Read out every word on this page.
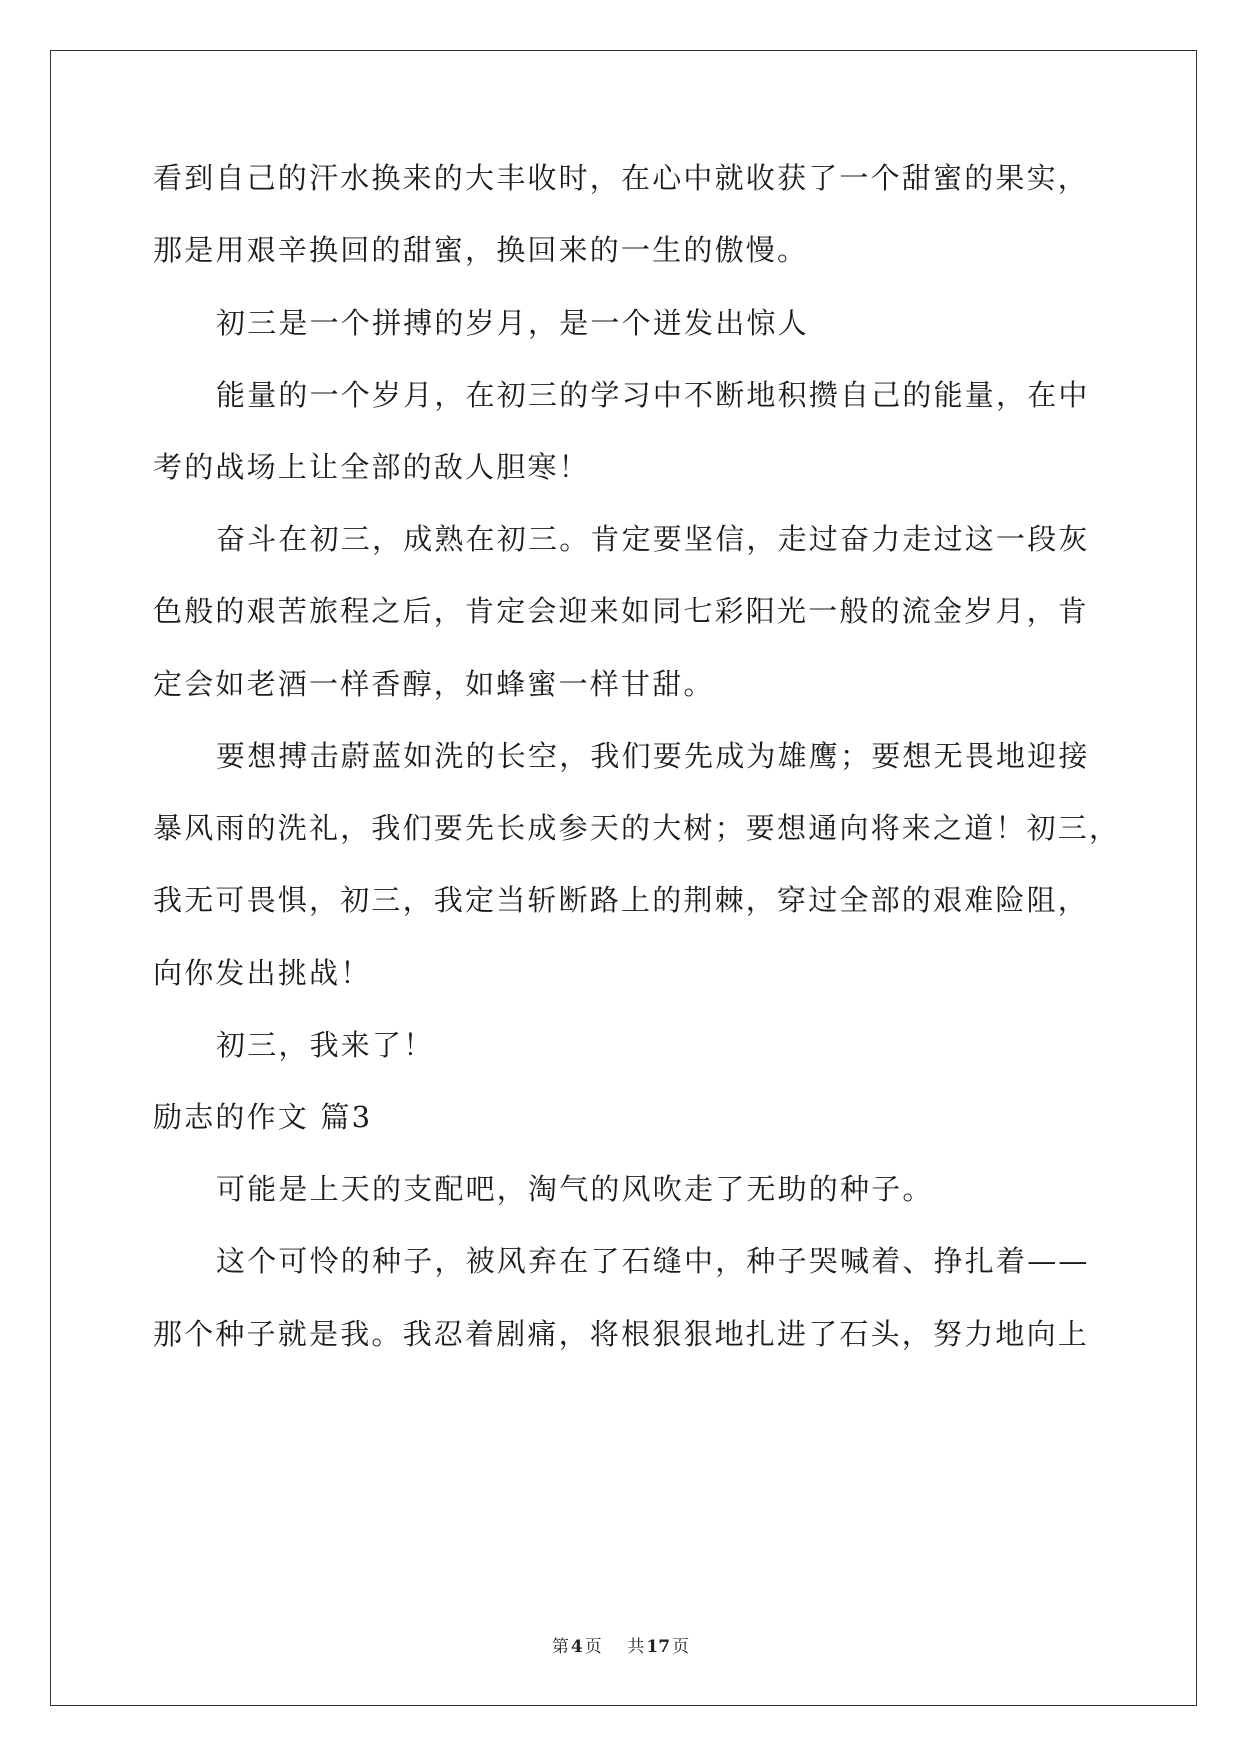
看到自己的汗水换来的大丰收时，在心中就收获了一个甜蜜的果实，
那是用艰辛换回的甜蜜，换回来的一生的傲慢。
初三是一个拼搏的岁月，是一个迸发出惊人
能量的一个岁月，在初三的学习中不断地积攒自己的能量，在中
考的战场上让全部的敌人胆寒！
奋斗在初三，成熟在初三。肯定要坚信，走过奋力走过这一段灰
色般的艰苦旅程之后，肯定会迎来如同七彩阳光一般的流金岁月，肯
定会如老酒一样香醇，如蜂蜜一样甘甜。
要想搏击蔚蓝如洗的长空，我们要先成为雄鹰；要想无畏地迎接
暴风雨的洗礼，我们要先长成参天的大树；要想通向将来之道！初三，
我无可畏惧，初三，我定当斩断路上的荆棘，穿过全部的艰难险阻，
向你发出挑战！
初三，我来了！
励志的作文 篇3
可能是上天的支配吧，淘气的风吹走了无助的种子。
这个可怜的种子，被风弃在了石缝中，种子哭喊着、挣扎着——
那个种子就是我。我忍着剧痛，将根狠狠地扎进了石头，努力地向上
第 4 页 共 17 页
